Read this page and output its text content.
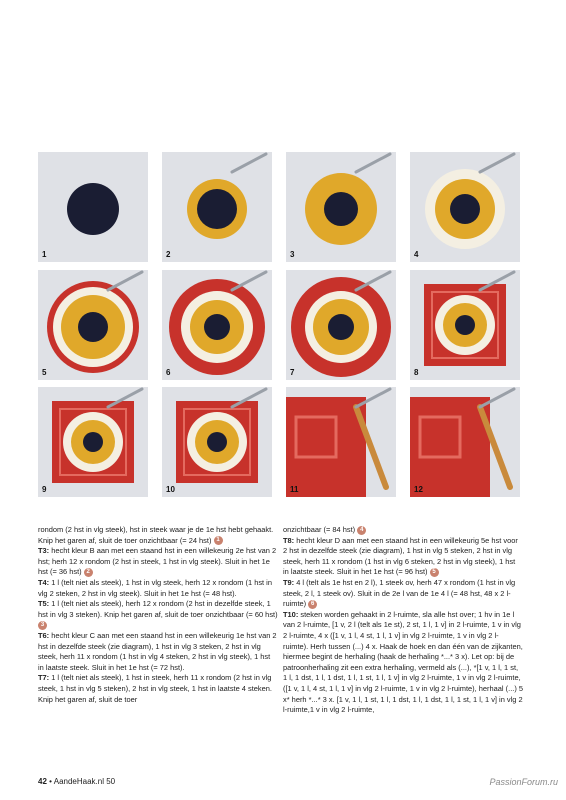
1	2	3	4
5	6	7	8
9	10	11	12

rondom (2 hst in vlg steek), hst in steek waar je de 1e hst hebt gehaakt. Knip het garen af, sluit de toer onzichtbaar (= 24 hst) 1

T3: hecht kleur B aan met een staand hst in een willekeurig 2e hst van 2 hst; herh 12 x rondom (2 hst in steek, 1 hst in vlg steek). Sluit in het 1e hst (= 36 hst) 2

T4: 1 l (telt niet als steek), 1 hst in vlg steek, herh 12 x rondom (1 hst in vlg 2 steken, 2 hst in vlg steek). Sluit in het 1e hst (= 48 hst).

T5: 1 l (telt niet als steek), herh 12 x rondom (2 hst in dezelfde steek, 1 hst in vlg 3 steken). Knip het garen af, sluit de toer onzichtbaar (= 60 hst) 3

T6: hecht kleur C aan met een staand hst in een willekeurig 1e hst van 2 hst in dezelfde steek (zie diagram), 1 hst in vlg 3 steken, 2 hst in vlg steek, herh 11 x rondom (1 hst in vlg 4 steken, 2 hst in vlg steek), 1 hst in laatste steek. Sluit in het 1e hst (= 72 hst).

T7: 1 l (telt niet als steek), 1 hst in steek, herh 11 x rondom (2 hst in vlg steek, 1 hst in vlg 5 steken), 2 hst in vlg steek, 1 hst in laatste 4 steken. Knip het garen af, sluit de toer

onzichtbaar (= 84 hst) 4

T8: hecht kleur D aan met een staand hst in een willekeurig 5e hst voor 2 hst in dezelfde steek (zie diagram), 1 hst in vlg 5 steken, 2 hst in vlg steek, herh 11 x rondom (1 hst in vlg 6 steken, 2 hst in vlg steek), 1 hst in laatste steek. Sluit in het 1e hst (= 96 hst) 5

T9: 4 l (telt als 1e hst en 2 l), 1 steek ov, herh 47 x rondom (1 hst in vlg steek, 2 l, 1 steek ov). Sluit in de 2e l van de 1e 4 l (= 48 hst, 48 x 2 l-ruimte) 6

T10: steken worden gehaakt in 2 l-ruimte, sla alle hst over; 1 hv in 1e l van 2 l-ruimte, [1 v, 2 l (telt als 1e st), 2 st, 1 l, 1 v] in 2 l-ruimte, 1 v in vlg 2 l-ruimte, 4 x ([1 v, 1 l, 4 st, 1 l, 1 v] in vlg 2 l-ruimte, 1 v in vlg 2 l-ruimte). Herh tussen (...) 4 x. Haak de hoek en dan één van de zijkanten, hiermee begint de herhaling (haak de herhaling *...* 3 x). Let op: bij de patroonherhaling zit een extra herhaling, vermeld als (...), *[1 v, 1 l, 1 st, 1 l, 1 dst, 1 l, 1 dst, 1 l, 1 st, 1 l, 1 v] in vlg 2 l-ruimte, 1 v in vlg 2 l-ruimte, ([1 v, 1 l, 4 st, 1 l, 1 v] in vlg 2 l-ruimte, 1 v in vlg 2 l-ruimte), herhaal (...) 5 x* herh *...* 3 x. [1 v, 1 l, 1 st, 1 l, 1 dst, 1 l, 1 dst, 1 l, 1 st, 1 l, 1 v] in vlg 2 l-ruimte,1 v in vlg 2 l-ruimte,

42 • AandeHaak.nl 50	PassionForum.ru
